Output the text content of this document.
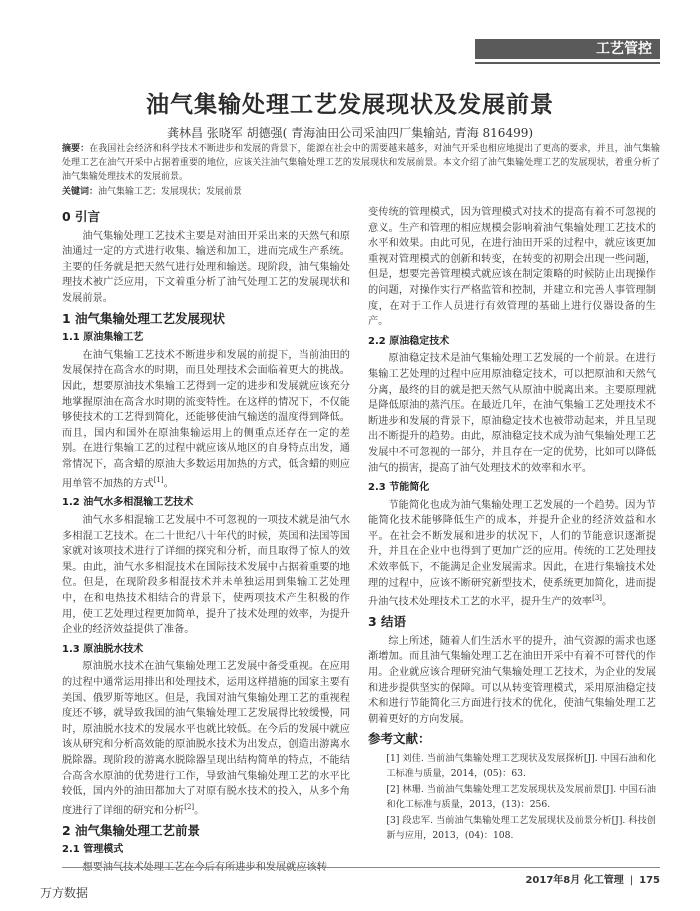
工艺管控
油气集输处理工艺发展现状及发展前景
龚林昌 张晓军 胡德强( 青海油田公司采油四厂集输站, 青海 816499)
摘要：在我国社会经济和科学技术不断进步和发展的背景下，能源在社会中的需要越来越多，对油气开采也相应地提出了更高的要求，并且，油气集输处理工艺在油气开采中占据着重要的地位，应该关注油气集输处理工艺的发展现状和发展前景。本文介绍了油气集输处理工艺的发展现状，着重分析了油气集输处理技术的发展前景。
关键词：油气集输工艺；发展现状；发展前景
0 引言

油气集输处理工艺技术主要是对油田开采出来的天然气和原油通过一定的方式进行收集、输送和加工，进而完成生产系统。主要的任务就是把天然气进行处理和输送。现阶段，油气集输处理技术被广泛应用，下文着重分析了油气处理工艺的发展现状和发展前景。

1 油气集输处理工艺发展现状
1.1 原油集输工艺

在油气集输工艺技术不断进步和发展的前提下，当前油田的发展保持在高含水的时期，而且处理技术会面临着更大的挑战。因此，想要原油技术集输工艺得到一定的进步和发展就应该充分地掌握原油在高含水时期的流变特性。在这样的情况下，不仅能够使技术的工艺得到简化，还能够使油气输送的温度得到降低。而且，国内和国外在原油集输运用上的侧重点还存在一定的差别。在进行集输工艺的过程中就应该从地区的自身特点出发，通常情况下，高含蜡的原油大多数运用加热的方式，低含蜡的则应用单管不加热的方式[1]。

1.2 油气水多相混输工艺技术

油气水多相混输工艺发展中不可忽视的一项技术就是油气水多相混工艺技术。在二十世纪八十年代的时候，英国和法国等国家就对该项技术进行了详细的探究和分析，而且取得了惊人的效果。由此，油气水多相混技术在国际技术发展中占据着重要的地位。但是，在现阶段多相混技术并未单独运用到集输工艺处理中，在和电热技术相结合的背景下，使两项技术产生积极的作用，使工艺处理过程更加简单，提升了技术处理的效率，为提升企业的经济效益提供了准备。

1.3 原油脱水技术

原油脱水技术在油气集输处理工艺发展中备受重视。在应用的过程中通常运用排出和处理技术，运用这样措施的国家主要有美国、俄罗斯等地区。但是，我国对油气集输处理工艺的重视程度还不够，就导致我国的油气集输处理工艺发展得比较缓慢，同时，原油脱水技术的发展水平也就比较低。在今后的发展中就应该从研究和分析高效能的原油脱水技术为出发点，创造出游离水脱除器。现阶段的游离水脱除器呈现出结构简单的特点，不能结合高含水原油的优势进行工作，导致油气集输处理工艺的水平比较低，国内外的油田都加大了对原有脱水技术的投入，从多个角度进行了详细的研究和分析[2]。

2 油气集输处理工艺前景
2.1 管理模式

变传统的管理模式，因为管理模式对技术的提高有着不可忽视的意义。生产和管理的相应规模会影响着油气集输处理工艺技术的水平和效果。由此可见，在进行油田开采的过程中，就应该更加重视对管理模式的创新和转变，在转变的初期会出现一些问题，但是，想要完善管理模式就应该在制定策略的时候防止出现操作的问题，对操作实行严格监管和控制，并建立和完善人事管理制度，在对于工作人员进行有效管理的基础上进行仪器设备的生产。

2.2 原油稳定技术

原油稳定技术是油气集输处理工艺发展的一个前景。在进行集输工艺处理的过程中应用原油稳定技术，可以把原油和天然气分离，最终的目的就是把天然气从原油中脱离出来。主要原理就是降低原油的蒸汽压。在最近几年，在油气集输工艺处理技术不断进步和发展的背景下，原油稳定技术也被带动起来，并且呈现出不断提升的趋势。由此，原油稳定技术成为油气集输处理工艺发展中不可忽视的一部分，并且存在一定的优势，比如可以降低油气的损害，提高了油气处理技术的效率和水平。

2.3 节能简化

节能简化也成为油气集输处理工艺发展的一个趋势。因为节能简化技术能够降低生产的成本，并提升企业的经济效益和水平。在社会不断发展和进步的状况下，人们的节能意识逐渐提升，并且在企业中也得到了更加广泛的应用。传统的工艺处理技术效率低下，不能满足企业发展需求。因此，在进行集输技术处理的过程中，应该不断研究新型技术，使系统更加简化，进而提升油气技术处理技术工艺的水平，提升生产的效率[3]。

3 结语

综上所述，随着人们生活水平的提升，油气资源的需求也逐渐增加。而且油气集输处理工艺在油田开采中有着不可替代的作用。企业就应该合理研究油气集输处理工艺技术，为企业的发展和进步提供坚实的保障。可以从转变管理模式，采用原油稳定技术和进行节能简化三方面进行技术的优化，使油气集输处理工艺朝着更好的方向发展。

参考文献：

[1] 刘佳. 当前油气集输处理工艺现状及发展探析[J]. 中国石油和化工标准与质量，2014，(05)：63.

[2] 林珊. 当前油气集输处理工艺发展现状及发展前景[J]. 中国石油和化工标准与质量，2013，(13)：256.

[3] 段忠军. 当前油气集输处理工艺发展现状及前景分析[J]. 科技创新与应用，2013，(04)：108.

2017年8月 化工管理 | 175
万方数据
